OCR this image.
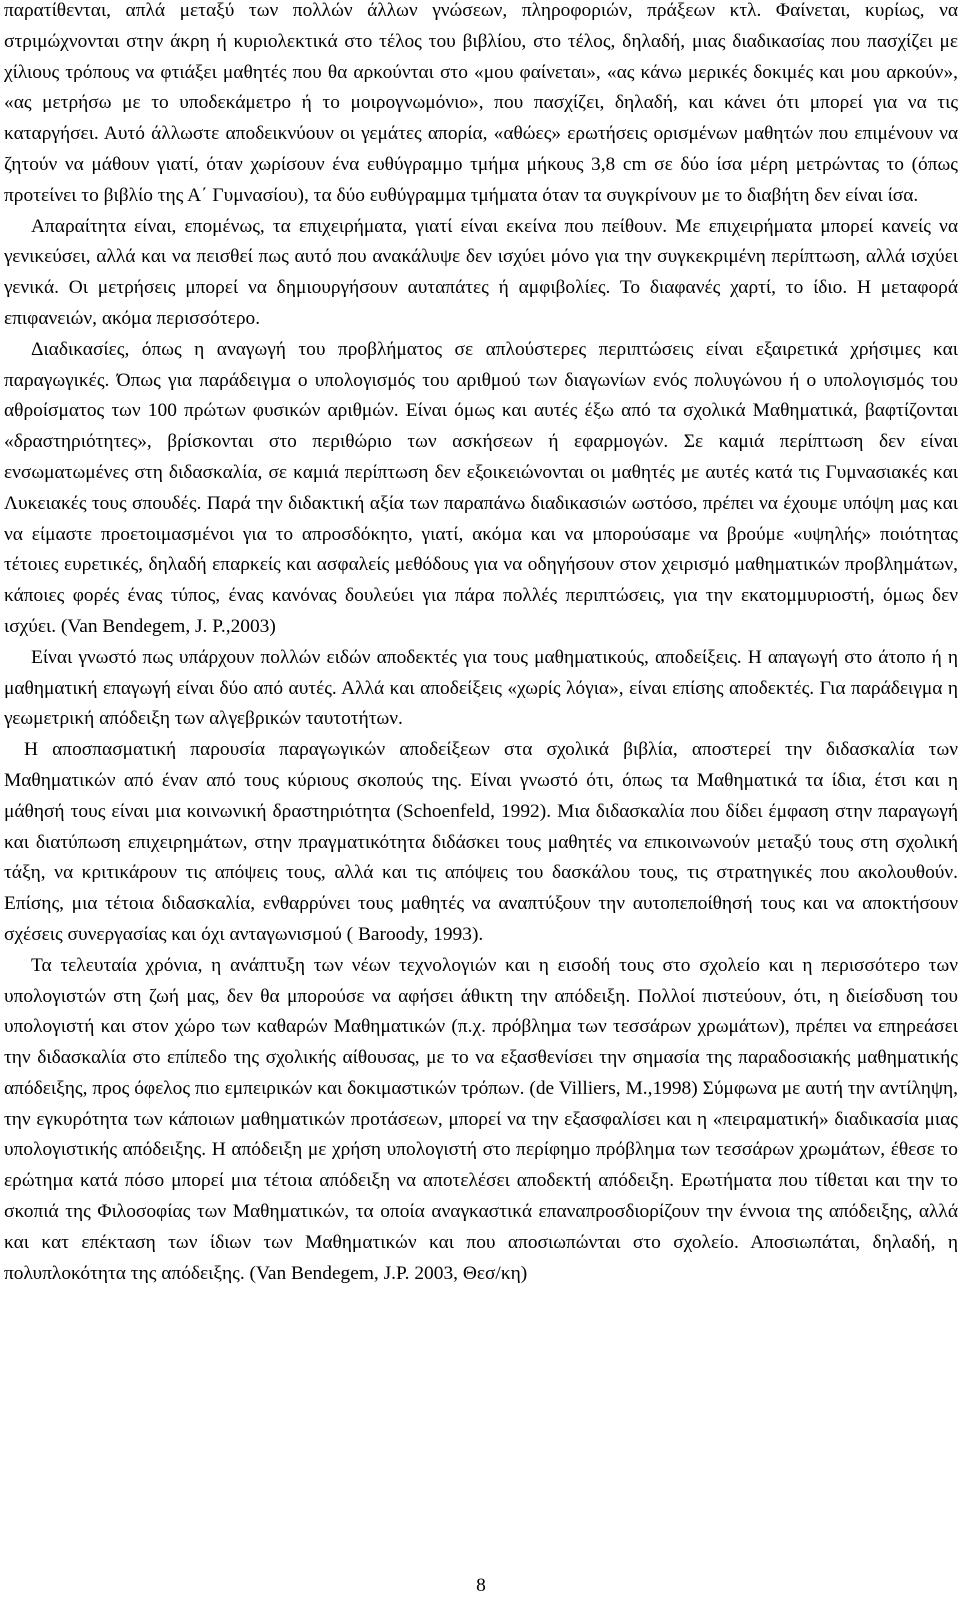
παρατίθενται, απλά μεταξύ των πολλών άλλων γνώσεων, πληροφοριών, πράξεων κτλ. Φαίνεται, κυρίως, να στριμώχνονται στην άκρη ή κυριολεκτικά στο τέλος του βιβλίου, στο τέλος, δηλαδή, μιας διαδικασίας που πασχίζει με χίλιους τρόπους να φτιάξει μαθητές που θα αρκούνται στο «μου φαίνεται», «ας κάνω μερικές δοκιμές και μου αρκούν», «ας μετρήσω με το υποδεκάμετρο ή το μοιρογνωμόνιο», που πασχίζει, δηλαδή, και κάνει ότι μπορεί για να τις καταργήσει. Αυτό άλλωστε αποδεικνύουν οι γεμάτες απορία, «αθώες» ερωτήσεις ορισμένων μαθητών που επιμένουν να ζητούν να μάθουν γιατί, όταν χωρίσουν ένα ευθύγραμμο τμήμα μήκους 3,8 cm σε δύο ίσα μέρη μετρώντας το (όπως προτείνει το βιβλίο της Α΄ Γυμνασίου), τα δύο ευθύγραμμα τμήματα όταν τα συγκρίνουν με το διαβήτη δεν είναι ίσα.

Απαραίτητα είναι, επομένως, τα επιχειρήματα, γιατί είναι εκείνα που πείθουν. Με επιχειρήματα μπορεί κανείς να γενικεύσει, αλλά και να πεισθεί πως αυτό που ανακάλυψε δεν ισχύει μόνο για την συγκεκριμένη περίπτωση, αλλά ισχύει γενικά. Οι μετρήσεις μπορεί να δημιουργήσουν αυταπάτες ή αμφιβολίες. Το διαφανές χαρτί, το ίδιο. Η μεταφορά επιφανειών, ακόμα περισσότερο.

Διαδικασίες, όπως η αναγωγή του προβλήματος σε απλούστερες περιπτώσεις είναι εξαιρετικά χρήσιμες και παραγωγικές. Όπως για παράδειγμα ο υπολογισμός του αριθμού των διαγωνίων ενός πολυγώνου ή ο υπολογισμός του αθροίσματος των 100 πρώτων φυσικών αριθμών. Είναι όμως και αυτές έξω από τα σχολικά Μαθηματικά, βαφτίζονται «δραστηριότητες», βρίσκονται στο περιθώριο των ασκήσεων ή εφαρμογών. Σε καμιά περίπτωση δεν είναι ενσωματωμένες στη διδασκαλία, σε καμιά περίπτωση δεν εξοικειώνονται οι μαθητές με αυτές κατά τις Γυμνασιακές και Λυκειακές τους σπουδές. Παρά την διδακτική αξία των παραπάνω διαδικασιών ωστόσο, πρέπει να έχουμε υπόψη μας και να είμαστε προετοιμασμένοι για το απροσδόκητο, γιατί, ακόμα και να μπορούσαμε να βρούμε «υψηλής» ποιότητας τέτοιες ευρετικές, δηλαδή επαρκείς και ασφαλείς μεθόδους για να οδηγήσουν στον χειρισμό μαθηματικών προβλημάτων, κάποιες φορές ένας τύπος, ένας κανόνας δουλεύει για πάρα πολλές περιπτώσεις, για την εκατομμυριοστή, όμως δεν ισχύει. (Van Bendegem, J. P.,2003)

Είναι γνωστό πως υπάρχουν πολλών ειδών αποδεκτές για τους μαθηματικούς, αποδείξεις. Η απαγωγή στο άτοπο ή η μαθηματική επαγωγή είναι δύο από αυτές. Αλλά και αποδείξεις «χωρίς λόγια», είναι επίσης αποδεκτές. Για παράδειγμα η γεωμετρική απόδειξη των αλγεβρικών ταυτοτήτων.

Η αποσπασματική παρουσία παραγωγικών αποδείξεων στα σχολικά βιβλία, αποστερεί την διδασκαλία των Μαθηματικών από έναν από τους κύριους σκοπούς της. Είναι γνωστό ότι, όπως τα Μαθηματικά τα ίδια, έτσι και η μάθησή τους είναι μια κοινωνική δραστηριότητα (Schoenfeld, 1992). Μια διδασκαλία που δίδει έμφαση στην παραγωγή και διατύπωση επιχειρημάτων, στην πραγματικότητα διδάσκει τους μαθητές να επικοινωνούν μεταξύ τους στη σχολική τάξη, να κριτικάρουν τις απόψεις τους, αλλά και τις απόψεις του δασκάλου τους, τις στρατηγικές που ακολουθούν. Επίσης, μια τέτοια διδασκαλία, ενθαρρύνει τους μαθητές να αναπτύξουν την αυτοπεποίθησή τους και να αποκτήσουν σχέσεις συνεργασίας και όχι ανταγωνισμού ( Baroody, 1993).

Τα τελευταία χρόνια, η ανάπτυξη των νέων τεχνολογιών και η εισοδή τους στο σχολείο και η περισσότερο των υπολογιστών στη ζωή μας, δεν θα μπορούσε να αφήσει άθικτη την απόδειξη. Πολλοί πιστεύουν, ότι, η διείσδυση του υπολογιστή και στον χώρο των καθαρών Μαθηματικών (π.χ. πρόβλημα των τεσσάρων χρωμάτων), πρέπει να επηρεάσει την διδασκαλία στο επίπεδο της σχολικής αίθουσας, με το να εξασθενίσει την σημασία της παραδοσιακής μαθηματικής απόδειξης, προς όφελος πιο εμπειρικών και δοκιμαστικών τρόπων. (de Villiers, M.,1998) Σύμφωνα με αυτή την αντίληψη, την εγκυρότητα των κάποιων μαθηματικών προτάσεων, μπορεί να την εξασφαλίσει και η «πειραματική» διαδικασία μιας υπολογιστικής απόδειξης. Η απόδειξη με χρήση υπολογιστή στο περίφημο πρόβλημα των τεσσάρων χρωμάτων, έθεσε το ερώτημα κατά πόσο μπορεί μια τέτοια απόδειξη να αποτελέσει αποδεκτή απόδειξη. Ερωτήματα που τίθεται και την το σκοπιά της Φιλοσοφίας των Μαθηματικών, τα οποία αναγκαστικά επαναπροσδιορίζουν την έννοια της απόδειξης, αλλά και κατ επέκταση των ίδιων των Μαθηματικών και που αποσιωπώνται στο σχολείο. Αποσιωπάται, δηλαδή, η πολυπλοκότητα της απόδειξης. (Van Bendegem, J.P. 2003, Θεσ/κη)

8
